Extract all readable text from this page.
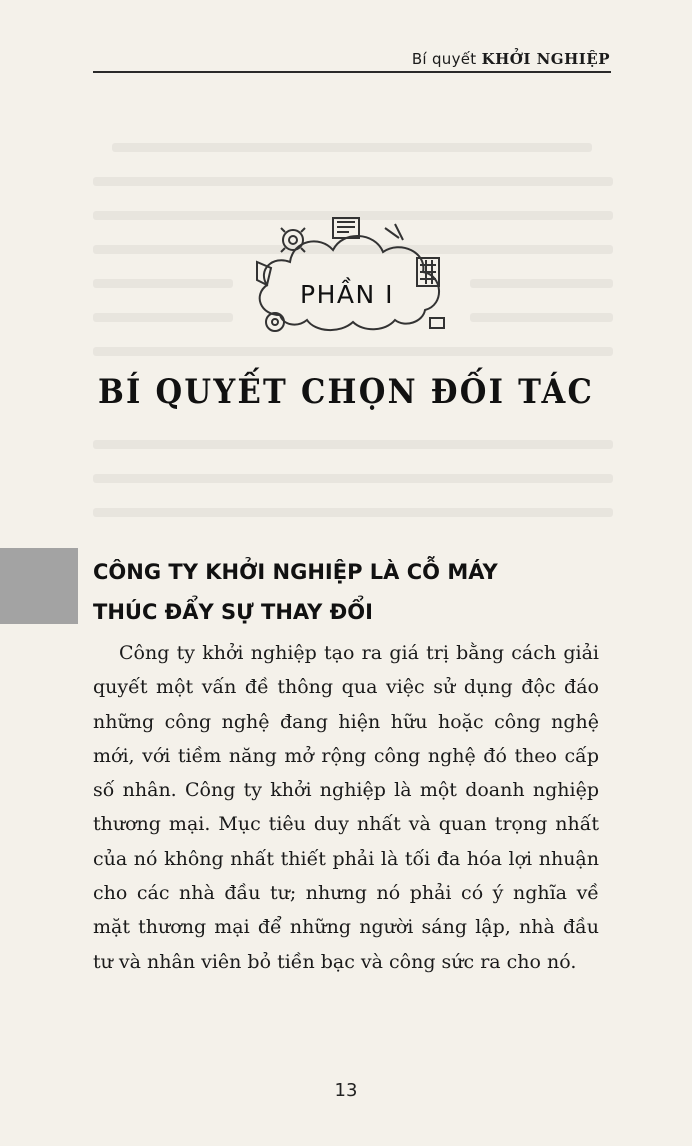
Bí quyết KHỞI NGHIỆP
PHẦN I
BÍ QUYẾT CHỌN ĐỐI TÁC
CÔNG TY KHỞI NGHIỆP LÀ CỖ MÁY
THÚC ĐẨY SỰ THAY ĐỔI

Công ty khởi nghiệp tạo ra giá trị bằng cách giải quyết một vấn đề thông qua việc sử dụng độc đáo những công nghệ đang hiện hữu hoặc công nghệ mới, với tiềm năng mở rộng công nghệ đó theo cấp số nhân. Công ty khởi nghiệp là một doanh nghiệp thương mại. Mục tiêu duy nhất và quan trọng nhất của nó không nhất thiết phải là tối đa hóa lợi nhuận cho các nhà đầu tư; nhưng nó phải có ý nghĩa về mặt thương mại để những người sáng lập, nhà đầu tư và nhân viên bỏ tiền bạc và công sức ra cho nó.

13
